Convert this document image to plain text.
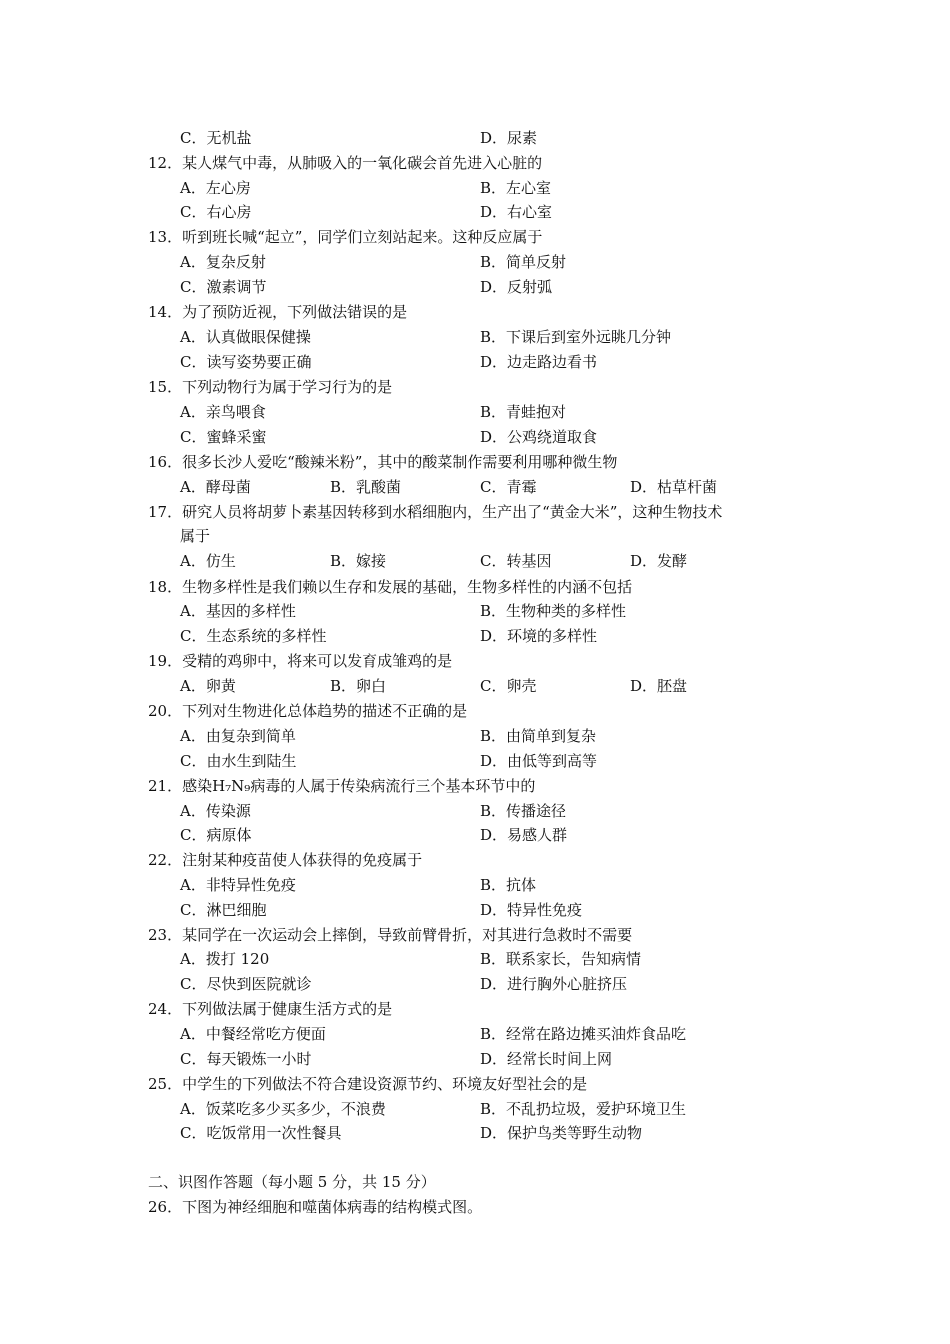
C．无机盐	D．尿素
12．某人煤气中毒，从肺吸入的一氧化碳会首先进入心脏的
A．左心房	B．左心室
C．右心房	D．右心室
13．听到班长喊“起立”，同学们立刻站起来。这种反应属于
A．复杂反射	B．简单反射
C．激素调节	D．反射弧
14．为了预防近视，下列做法错误的是
A．认真做眼保健操	B．下课后到室外远眺几分钟
C．读写姿势要正确	D．边走路边看书
15．下列动物行为属于学习行为的是
A．亲鸟喂食	B．青蛙抱对
C．蜜蜂采蜜	D．公鸡绕道取食
16．很多长沙人爱吃“酸辣米粉”，其中的酸菜制作需要利用哪种微生物
A．酵母菌	B．乳酸菌	C．青霉	D．枯草杆菌
17．研究人员将胡萝卜素基因转移到水稻细胞内，生产出了“黄金大米”，这种生物技术
属于
A．仿生	B．嫁接	C．转基因	D．发酵
18．生物多样性是我们赖以生存和发展的基础，生物多样性的内涵不包括
A．基因的多样性	B．生物种类的多样性
C．生态系统的多样性	D．环境的多样性
19．受精的鸡卵中，将来可以发育成雏鸡的是
A．卵黄	B．卵白	C．卵壳	D．胚盘
20．下列对生物进化总体趋势的描述不正确的是
A．由复杂到简单	B．由简单到复杂
C．由水生到陆生	D．由低等到高等
21．感染H₇N₉病毒的人属于传染病流行三个基本环节中的
A．传染源	B．传播途径
C．病原体	D．易感人群
22．注射某种疫苗使人体获得的免疫属于
A．非特异性免疫	B．抗体
C．淋巴细胞	D．特异性免疫
23．某同学在一次运动会上摔倒，导致前臂骨折，对其进行急救时不需要
A．拨打 120	B．联系家长，告知病情
C．尽快到医院就诊	D．进行胸外心脏挤压
24．下列做法属于健康生活方式的是
A．中餐经常吃方便面	B．经常在路边摊买油炸食品吃
C．每天锻炼一小时	D．经常长时间上网
25．中学生的下列做法不符合建设资源节约、环境友好型社会的是
A．饭菜吃多少买多少，不浪费	B．不乱扔垃圾，爱护环境卫生
C．吃饭常用一次性餐具	D．保护鸟类等野生动物
二、识图作答题（每小题 5 分，共 15 分）
26．下图为神经细胞和噬菌体病毒的结构模式图。
